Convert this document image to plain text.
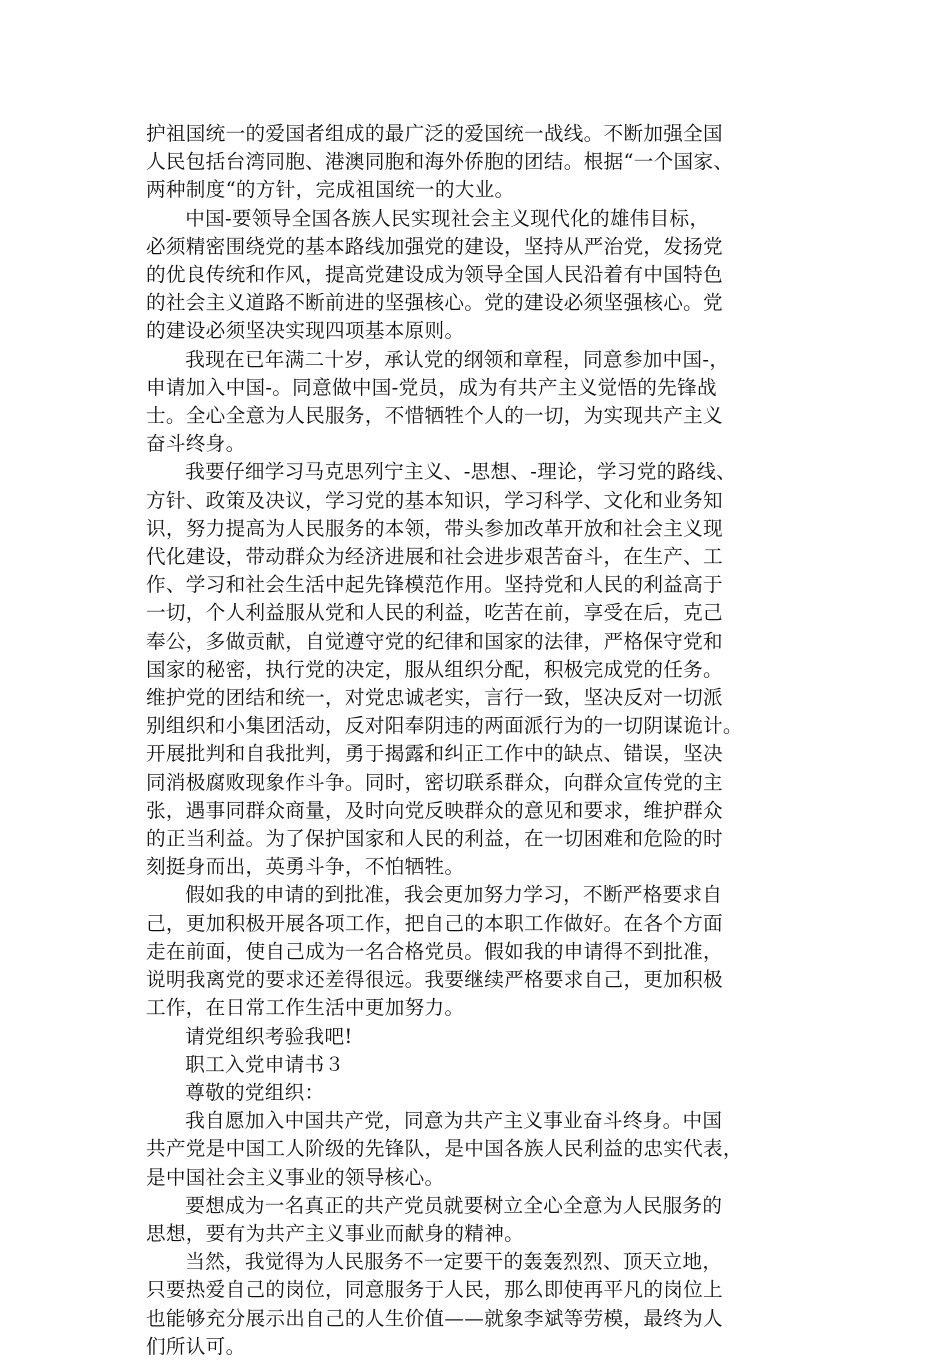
护祖国统一的爱国者组成的最广泛的爱国统一战线。不断加强全国
人民包括台湾同胞、港澳同胞和海外侨胞的团结。根据“一个国家、
两种制度“的方针，完成祖国统一的大业。

中国-要领导全国各族人民实现社会主义现代化的雄伟目标，
必须精密围绕党的基本路线加强党的建设，坚持从严治党，发扬党
的优良传统和作风，提高党建设成为领导全国人民沿着有中国特色
的社会主义道路不断前进的坚强核心。党的建设必须坚强核心。党
的建设必须坚决实现四项基本原则。

我现在已年满二十岁，承认党的纲领和章程，同意参加中国-，
申请加入中国-。同意做中国-党员，成为有共产主义觉悟的先锋战
士。全心全意为人民服务，不惜牺牲个人的一切，为实现共产主义
奋斗终身。

我要仔细学习马克思列宁主义、-思想、-理论，学习党的路线、
方针、政策及决议，学习党的基本知识，学习科学、文化和业务知
识，努力提高为人民服务的本领，带头参加改革开放和社会主义现
代化建设，带动群众为经济进展和社会进步艰苦奋斗，在生产、工
作、学习和社会生活中起先锋模范作用。坚持党和人民的利益高于
一切，个人利益服从党和人民的利益，吃苦在前，享受在后，克己
奉公，多做贡献，自觉遵守党的纪律和国家的法律，严格保守党和
国家的秘密，执行党的决定，服从组织分配，积极完成党的任务。
维护党的团结和统一，对党忠诚老实，言行一致，坚决反对一切派
别组织和小集团活动，反对阳奉阴违的两面派行为的一切阴谋诡计。
开展批判和自我批判，勇于揭露和纠正工作中的缺点、错误，坚决
同消极腐败现象作斗争。同时，密切联系群众，向群众宣传党的主
张，遇事同群众商量，及时向党反映群众的意见和要求，维护群众
的正当利益。为了保护国家和人民的利益，在一切困难和危险的时
刻挺身而出，英勇斗争，不怕牺牲。

假如我的申请的到批准，我会更加努力学习，不断严格要求自
己，更加积极开展各项工作，把自己的本职工作做好。在各个方面
走在前面，使自己成为一名合格党员。假如我的申请得不到批准，
说明我离党的要求还差得很远。我要继续严格要求自己，更加积极
工作，在日常工作生活中更加努力。

请党组织考验我吧!

职工入党申请书３

尊敬的党组织：

我自愿加入中国共产党，同意为共产主义事业奋斗终身。中国
共产党是中国工人阶级的先锋队，是中国各族人民利益的忠实代表，
是中国社会主义事业的领导核心。

要想成为一名真正的共产党员就要树立全心全意为人民服务的
思想，要有为共产主义事业而献身的精神。

当然，我觉得为人民服务不一定要干的轰轰烈烈、顶天立地，
只要热爱自己的岗位，同意服务于人民，那么即使再平凡的岗位上
也能够充分展示出自己的人生价值——就象李斌等劳模，最终为人
们所认可。
